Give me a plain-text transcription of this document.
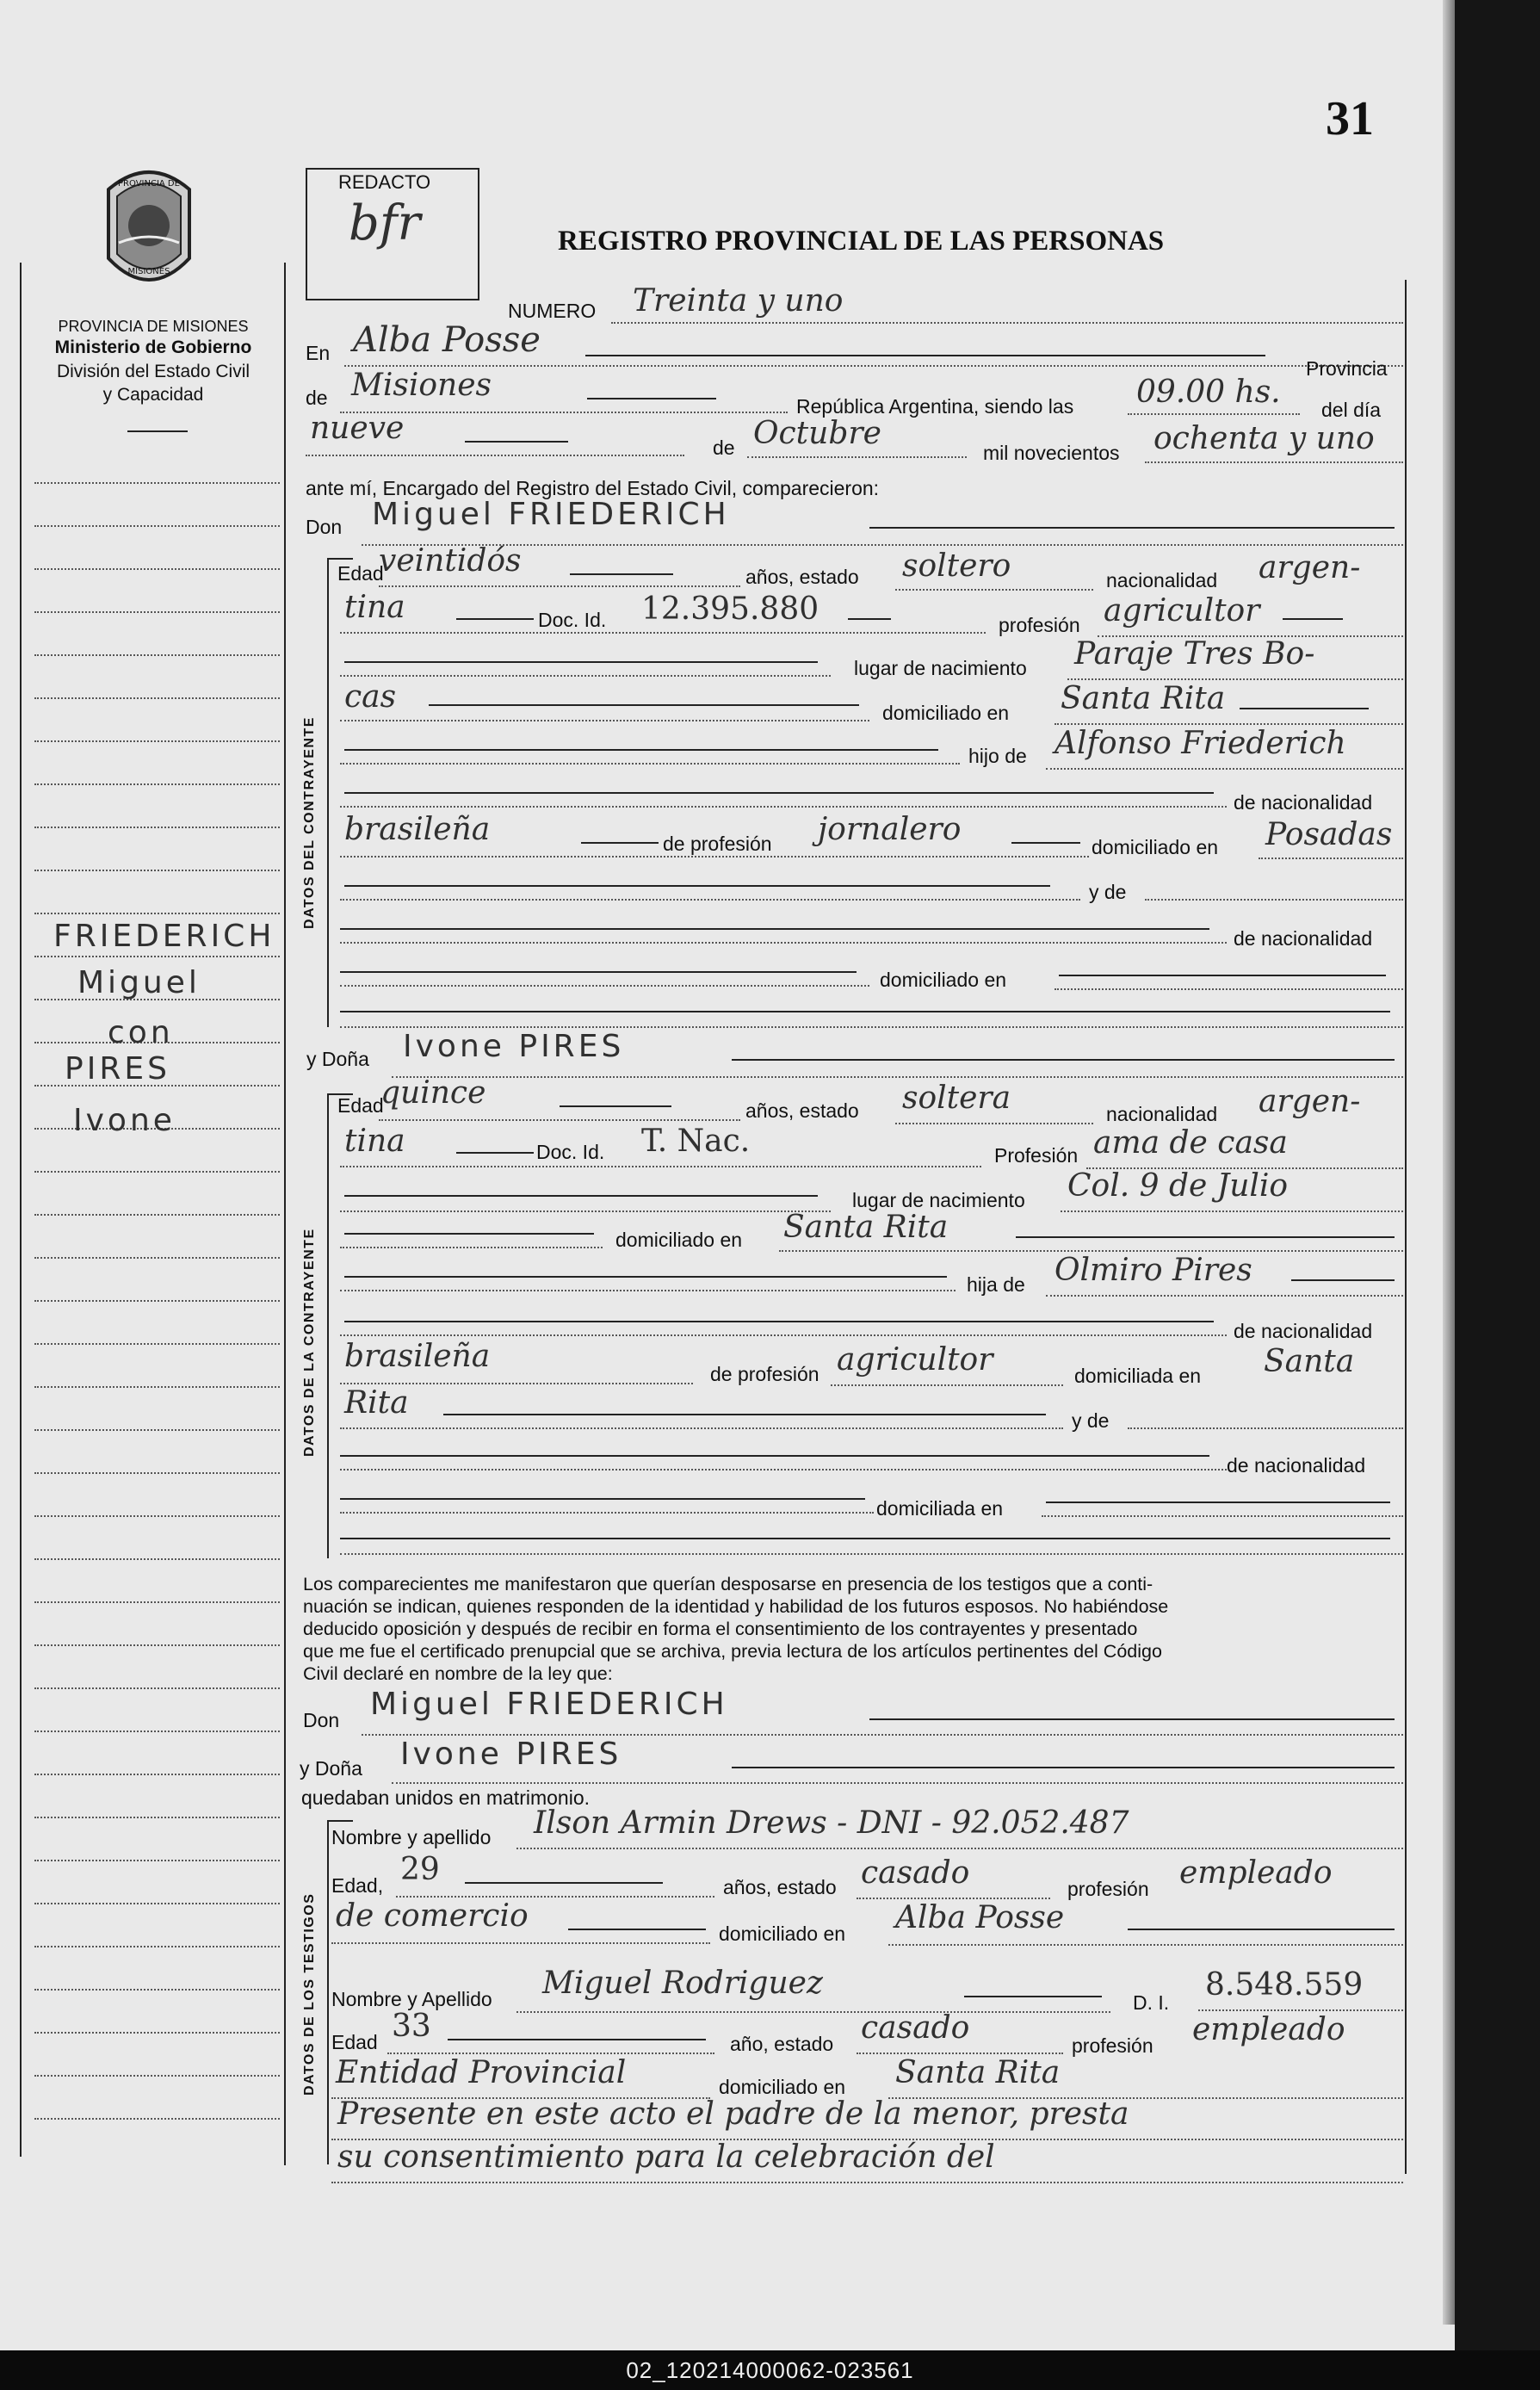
02_120214000062-023561
31
PROVINCIA DE
MISIONES
PROVINCIA DE MISIONES
Ministerio de Gobierno
División del Estado Civil
y Capacidad
FRIEDERICH
Miguel
con
PIRES
Ivone
REDACTO
bfr	REGISTRO PROVINCIAL DE LAS PERSONAS
NUMERO Treinta y uno
En Alba Posse
Provincia
de Misiones
República Argentina, siendo las 09.00 hs. del día
nueve
de Octubre
mil novecientos ochenta y uno
ante mí, Encargado del Registro del Estado Civil, comparecieron:
Don Miguel FRIEDERICH
DATOS DEL CONTRAYENTE
Edad
veintidós	años, estado soltero	nacionalidad argen-
tina	Doc. Id. 12.395.880	profesión agricultor
lugar de nacimiento Paraje Tres Bo-
cas	domiciliado en Santa Rita
hijo de Alfonso Friederich
de nacionalidad
brasileña	de profesión jornalero	domiciliado en Posadas
y de
de nacionalidad
domiciliado en
y Doña Ivone PIRES
DATOS DE LA CONTRAYENTE
Edad
quince	años, estado soltera	nacionalidad argen-
tina	Doc. Id. T. Nac.	Profesión ama de casa
lugar de nacimiento Col. 9 de Julio
domiciliado en Santa Rita
hija de Olmiro Pires
de nacionalidad
brasileña	de profesión agricultor	domiciliada en Santa
Rita	y de
de nacionalidad
domiciliada en
Los comparecientes me manifestaron que querían desposarse en presencia de los testigos que a conti-
nuación se indican, quienes responden de la identidad y habilidad de los futuros esposos. No habiéndose
deducido oposición y después de recibir en forma el consentimiento de los contrayentes y presentado
que me fue el certificado prenupcial que se archiva, previa lectura de los artículos pertinentes del Código
Civil declaré en nombre de la ley que:
Don Miguel FRIEDERICH
y Doña Ivone PIRES
quedaban unidos en matrimonio.
DATOS DE LOS TESTIGOS
Nombre y apellido Ilson Armin Drews - DNI - 92.052.487
Edad, 29	años, estado casado	profesión empleado
de comercio	domiciliado en Alba Posse
Nombre y Apellido Miguel Rodriguez
D. I. 8.548.559
Edad 33	año, estado casado	profesión empleado
Entidad Provincial	domiciliado en Santa Rita
Presente en este acto el padre de la menor, presta
su consentimiento para la celebración del
